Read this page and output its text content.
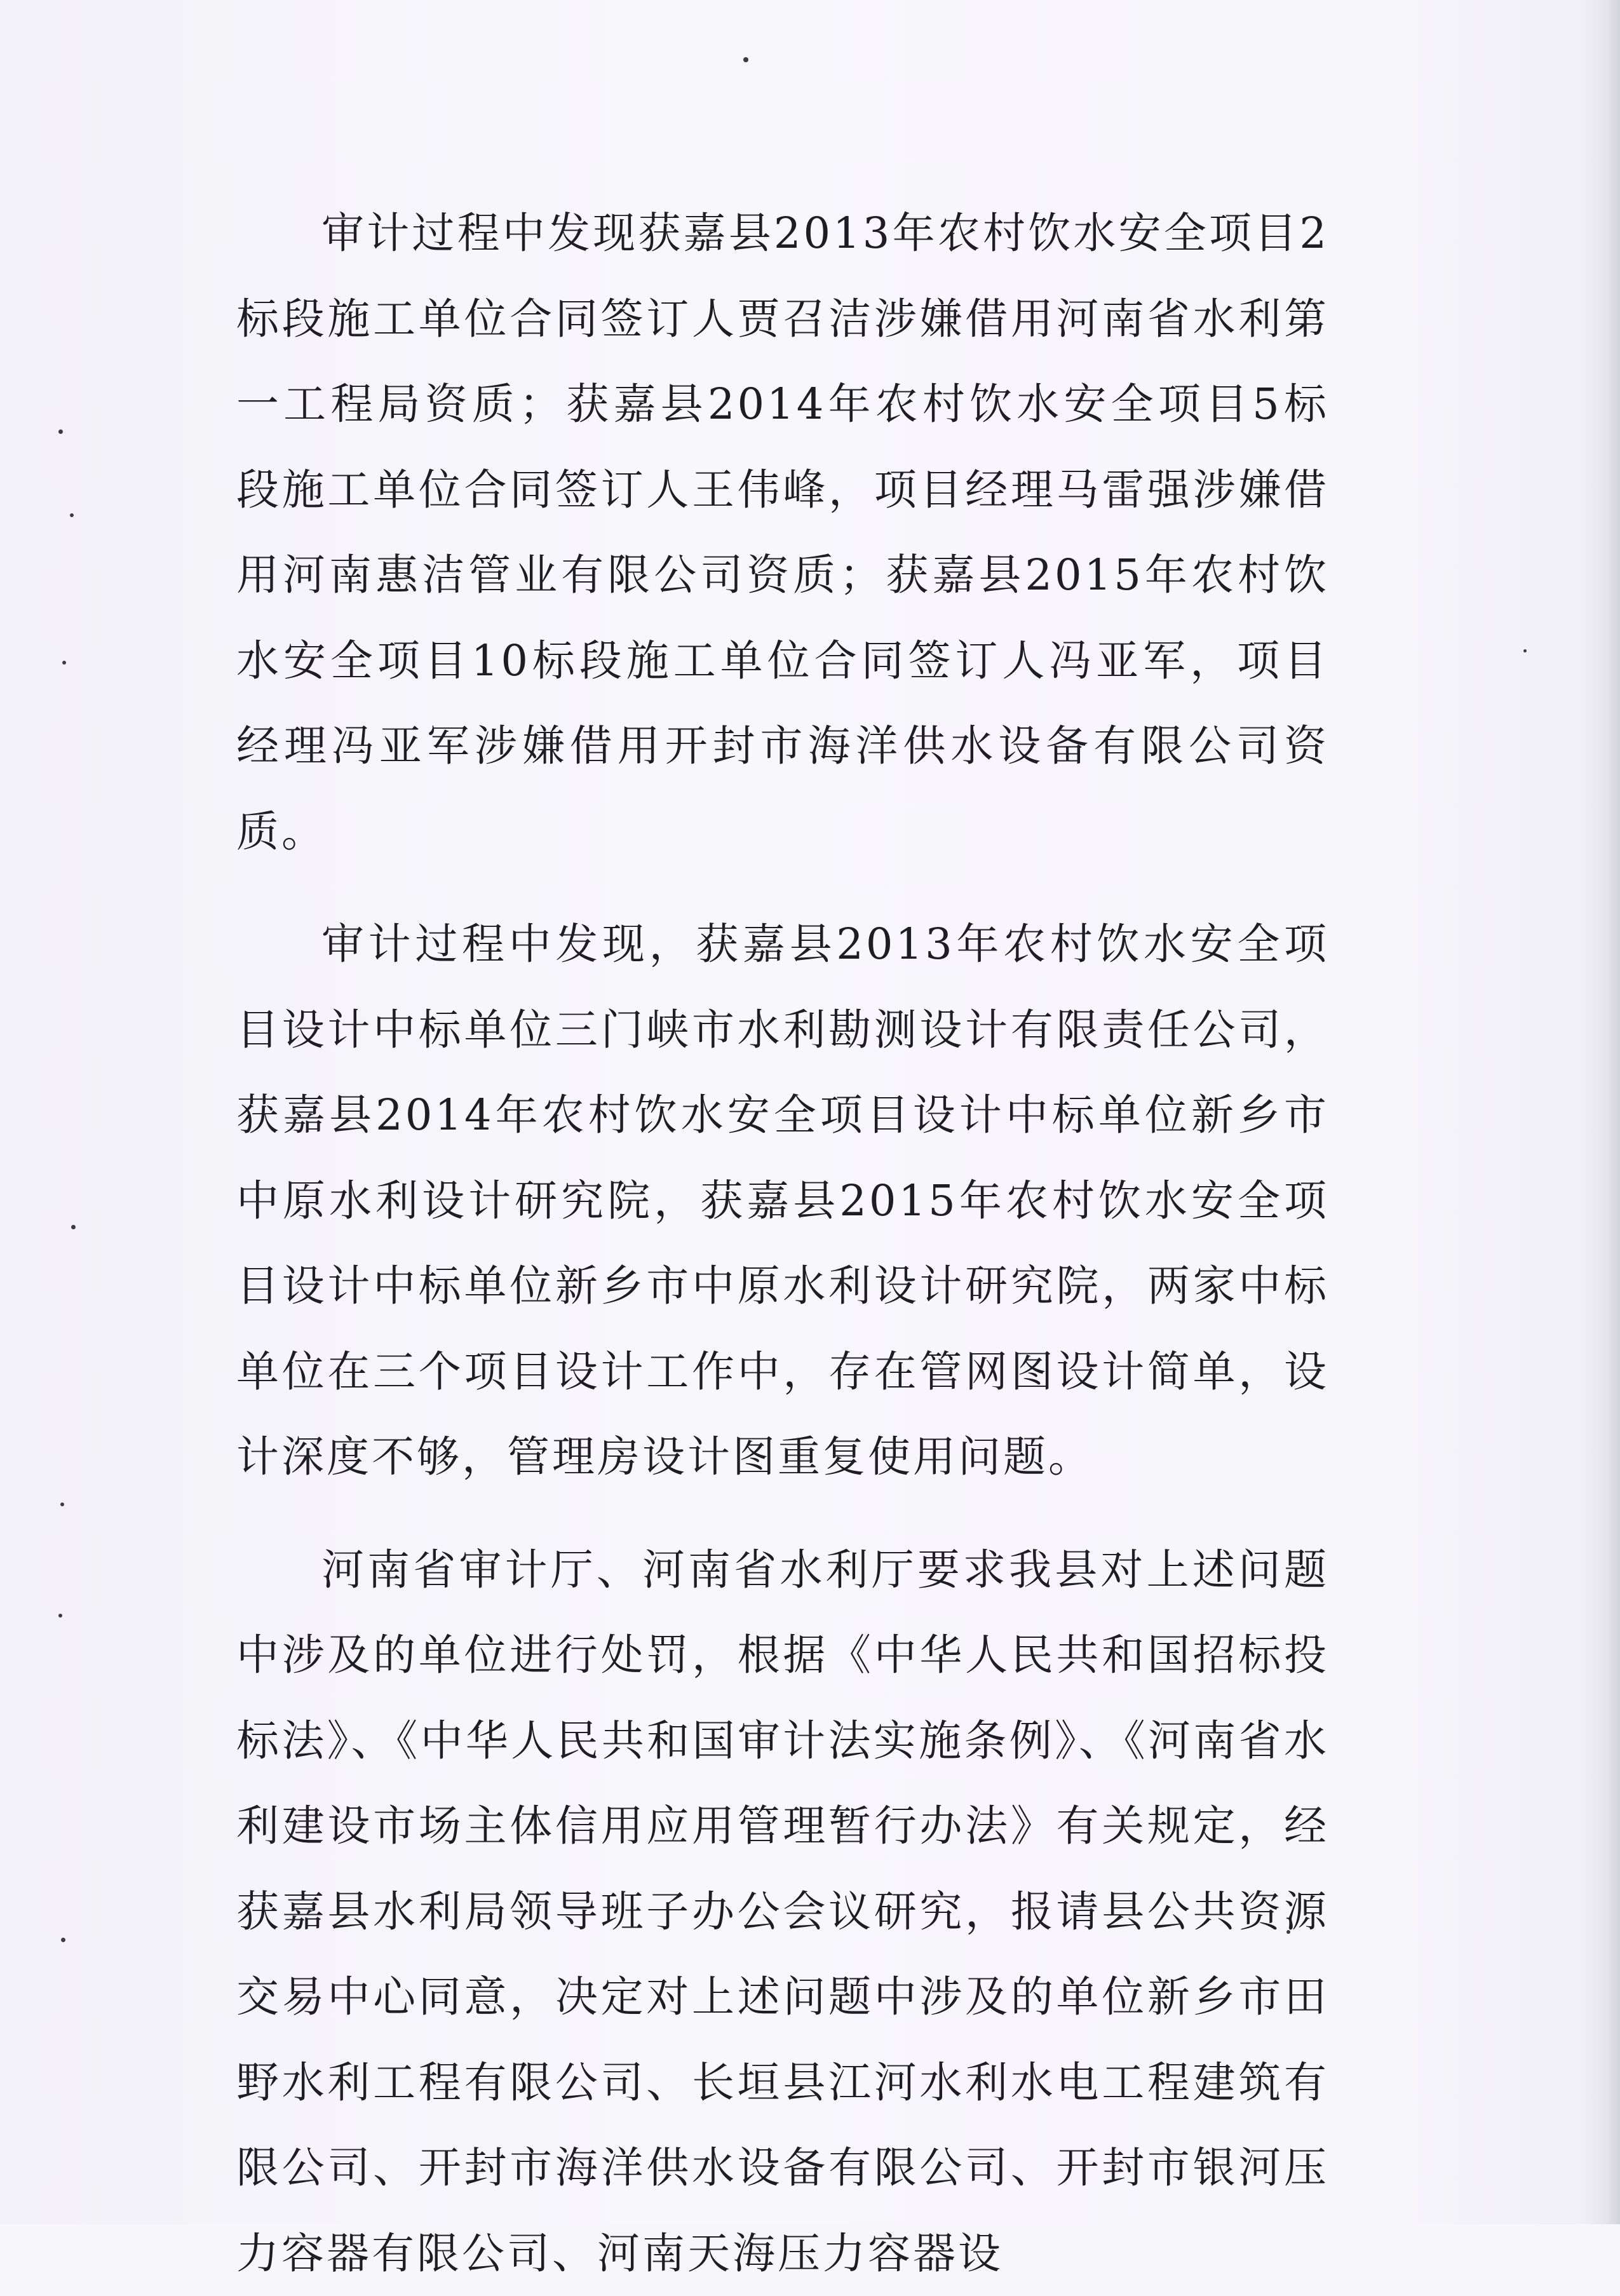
审计过程中发现获嘉县2013年农村饮水安全项目2标段施工单位合同签订人贾召洁涉嫌借用河南省水利第一工程局资质；获嘉县2014年农村饮水安全项目5标段施工单位合同签订人王伟峰，项目经理马雷强涉嫌借用河南惠洁管业有限公司资质；获嘉县2015年农村饮水安全项目10标段施工单位合同签订人冯亚军，项目经理冯亚军涉嫌借用开封市海洋供水设备有限公司资质。

审计过程中发现，获嘉县2013年农村饮水安全项目设计中标单位三门峡市水利勘测设计有限责任公司，获嘉县2014年农村饮水安全项目设计中标单位新乡市中原水利设计研究院，获嘉县2015年农村饮水安全项目设计中标单位新乡市中原水利设计研究院，两家中标单位在三个项目设计工作中，存在管网图设计简单，设计深度不够，管理房设计图重复使用问题。

河南省审计厅、河南省水利厅要求我县对上述问题中涉及的单位进行处罚，根据《中华人民共和国招标投标法》、《中华人民共和国审计法实施条例》、《河南省水利建设市场主体信用应用管理暂行办法》有关规定，经获嘉县水利局领导班子办公会议研究，报请县公共资源交易中心同意，决定对上述问题中涉及的单位新乡市田野水利工程有限公司、长垣县江河水利水电工程建筑有限公司、开封市海洋供水设备有限公司、开封市银河压力容器有限公司、河南天海压力容器设
